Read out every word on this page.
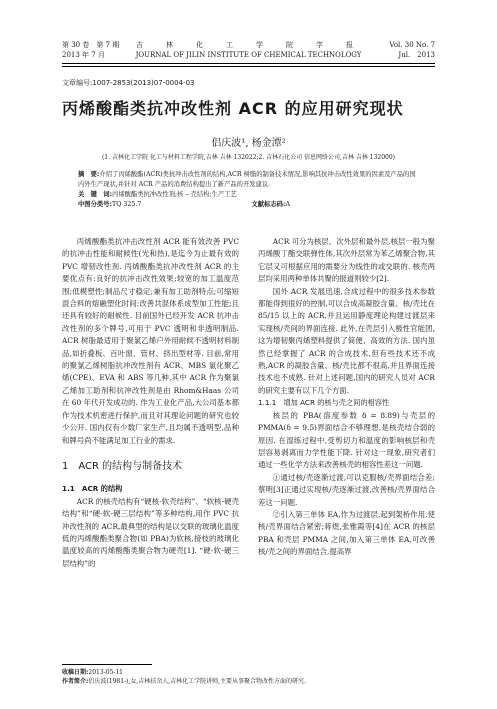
第 30 卷　第 7 期
2013 年 7 月
吉　林　化　工　学　院　学　报
JOURNAL OF JILIN INSTITUTE OF CHEMICAL TECHNOLOGY
Vol. 30 No. 7
Jul.　2013
文章编号:1007-2853(2013)07-0004-03
丙烯酸酯类抗冲改性剂 ACR 的应用研究现状
侣庆波¹, 杨金潭²
(1. 吉林化工学院 化工与材料工程学院,吉林 吉林 132022;2. 吉林石化公司 信息网络公司,吉林 吉林 132000)
摘　要:介绍了丙烯酸酯(ACR)类抗冲击改性剂的结构,ACR 树脂的制备技术情况,影响其抗冲击改性效果的因素及产品的国内外生产现状,并针对 ACR 产品的消费结构提出了新产品的开发建议.
关　键　词:丙烯酸酯类抗冲改性剂;核 – 壳结构;生产工艺
中图分类号:TQ 325.7	文献标志码:A

丙烯酸酯类抗冲击改性剂 ACR 能有效改善 PVC 的抗冲击性能和耐候性(光和热),是迄今为止最有效的 PVC 增韧改性剂. 丙烯酸酯类抗冲改性剂 ACR 的主要优点有:良好的抗冲击改性效果;较宽的加工温度范围;低模塑性;制品尺寸稳定;兼有加工助剂特点;可缩短混合料的熔融塑化时间;改善共混体系成型加工性能;且还具有较好的耐候性. 目前国外已经开发 ACR 抗冲击改性剂的多个牌号,可用于 PVC 透明和非透明制品. ACR 树脂最适用于聚氯乙烯户外用耐候不透明材料制品,如折叠板、百叶窗、管材、挤出型材等. 目前,常用的聚氯乙烯树脂抗冲改性剂有 ACR、MBS 氯化聚乙烯(CPE)、EVA 和 ABS 等几种,其中 ACR 作为聚氯乙烯加工助剂和抗冲改性剂是由 Rhom&Haas 公司在 60 年代开发成功的. 作为工业化产品,大公司基本都作为技术机密进行保护,而且对其理论问题的研究也较少公开. 国内仅有少数厂家生产,且均属不透明型,品种和牌号尚不能满足加工行业的需求.

1　ACR 的结构与制备技术

1.1　ACR 的结构

ACR 的核壳结构有“硬核-软壳结构”、“软核-硬壳结构”和“硬-软-硬三层结构”等多种结构,用作 PVC 抗冲改性剂的 ACR,最典型的结构是以交联的玻璃化温度低的丙烯酸酯类聚合物(如 PBA)为软核,接枝的玻璃化温度较高的丙烯酸酯类聚合物为硬壳[1]. “硬-软-硬三层结构”的

ACR 可分为核层、次外层和最外层,核层一般为聚丙烯酸丁酯交联弹性体,其次外层常为苯乙烯聚合物,其它层又可根据应用的需要分为线性的或交联的. 核壳两层均采用两种单体共聚的报道则较少[2].

国外 ACR 发展迅速,合成过程中的很多技术参数都能得到很好的控制,可以合成高凝胶含量、核/壳比在 85/15 以上的 ACR,并且运用静度理论构建过渡层来实现核/壳间的界面连接. 此外,在壳层引入极性官能团,这为增韧聚丙烯塑料提供了简便、高效的方法. 国内虽然已经掌握了 ACR 的合成技术,但有些技术还不成熟,ACR 的凝胶含量、核/壳比都不很高,并且界面连接技术也不成熟. 针对上述问题,国内的研究人员对 ACR 的研究主要有以下几个方面.

1.1.1　增加 ACR 的核与壳之间的相容性

核层的 PBA(溶度参数 δ = 8.89)与壳层的 PMMA(δ = 9.5)界面结合不够理想,是核壳结合弱的原因. 在湿练过程中,受剪切力和温度的影响核层和壳层容易剥离而力学性能下降. 针对这一现象,研究者们通过一些化学方法来改善核壳的相容性差这一问题.

①通过核/壳逐渐过渡,可以克服核/壳界面结合差;蔡明[3]正通过实现核/壳逐渐过渡,改善核/壳界面结合差这一问题.

②引入第三单体 EA,作为过渡层,起到架桥作用,使核/壳界面结合紧密;蒋煜,张雅霞等[4]在 ACR 的核层 PBA 和壳层 PMMA 之间,加入第三单体 EA,可改善核/壳之间的界面结合,提高界

收稿日期:2013-05-11
作者简介:侣庆波(1981-),女,吉林扶余人,吉林化工学院讲师,主要从事聚合物改性方面的研究.
